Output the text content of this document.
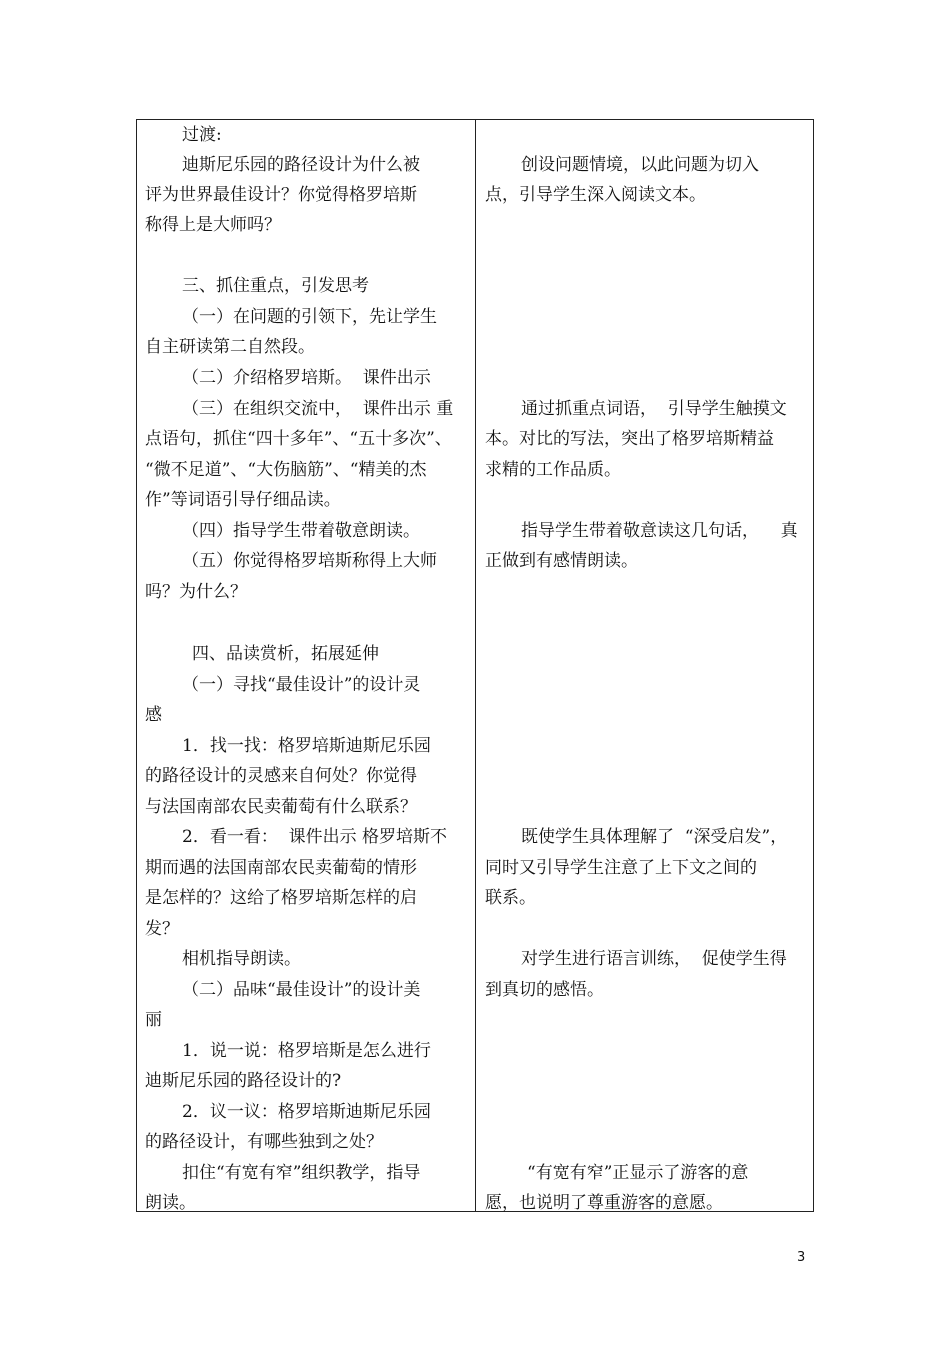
过渡:
迪斯尼乐园的路径设计为什么被
评为世界最佳设计？你觉得格罗培斯
称得上是大师吗？
三、抓住重点，引发思考
（一）在问题的引领下，先让学生
自主研读第二自然段。
（二）介绍格罗培斯。  课件出示
（三）在组织交流中，  课件出示 重
点语句，抓住“四十多年”、“五十多次”、
“微不足道”、“大伤脑筋”、“精美的杰
作”等词语引导仔细品读。
（四）指导学生带着敬意朗读。
（五）你觉得格罗培斯称得上大师
吗？为什么？
四、品读赏析，拓展延伸
（一）寻找“最佳设计”的设计灵
感
1．找一找：格罗培斯迪斯尼乐园
的路径设计的灵感来自何处？你觉得
与法国南部农民卖葡萄有什么联系？
2．看一看：  课件出示 格罗培斯不
期而遇的法国南部农民卖葡萄的情形
是怎样的？这给了格罗培斯怎样的启
发？
相机指导朗读。
（二）品味“最佳设计”的设计美
丽
1．说一说：格罗培斯是怎么进行
迪斯尼乐园的路径设计的?
2．议一议：格罗培斯迪斯尼乐园
的路径设计，有哪些独到之处？
扣住“有宽有窄”组织教学，指导
朗读。
创设问题情境，以此问题为切入
点，引导学生深入阅读文本。
通过抓重点词语，  引导学生触摸文
本。对比的写法，突出了格罗培斯精益
求精的工作品质。
指导学生带着敬意读这几句话，    真
正做到有感情朗读。
既使学生具体理解了  “深受启发”，
同时又引导学生注意了上下文之间的
联系。
对学生进行语言训练，  促使学生得
到真切的感悟。
“有宽有窄”正显示了游客的意
愿，也说明了尊重游客的意愿。
3
